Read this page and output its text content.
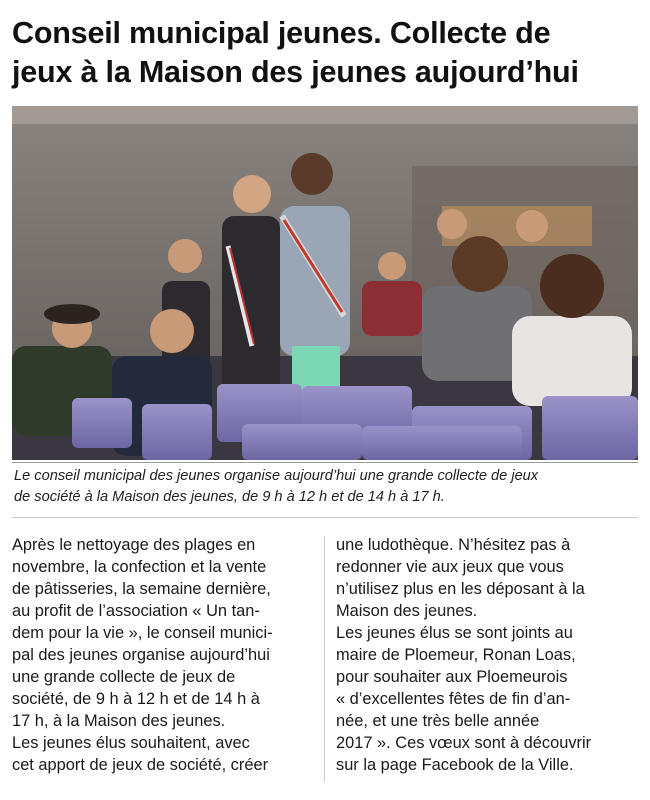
Conseil municipal jeunes. Collecte de
jeux à la Maison des jeunes aujourd’hui

Le conseil municipal des jeunes organise aujourd’hui une grande collecte de jeux
de société à la Maison des jeunes, de 9 h à 12 h et de 14 h à 17 h.

Après le nettoyage des plages en
novembre, la confection et la vente
de pâtisseries, la semaine dernière,
au profit de l’association « Un tan-
dem pour la vie », le conseil munici-
pal des jeunes organise aujourd’hui
une grande collecte de jeux de
société, de 9 h à 12 h et de 14 h à
17 h, à la Maison des jeunes.
Les jeunes élus souhaitent, avec
cet apport de jeux de société, créer

une ludothèque. N’hésitez pas à
redonner vie aux jeux que vous
n’utilisez plus en les déposant à la
Maison des jeunes.
Les jeunes élus se sont joints au
maire de Ploemeur, Ronan Loas,
pour souhaiter aux Ploemeurois
« d’excellentes fêtes de fin d’an-
née, et une très belle année
2017 ». Ces vœux sont à découvrir
sur la page Facebook de la Ville.
